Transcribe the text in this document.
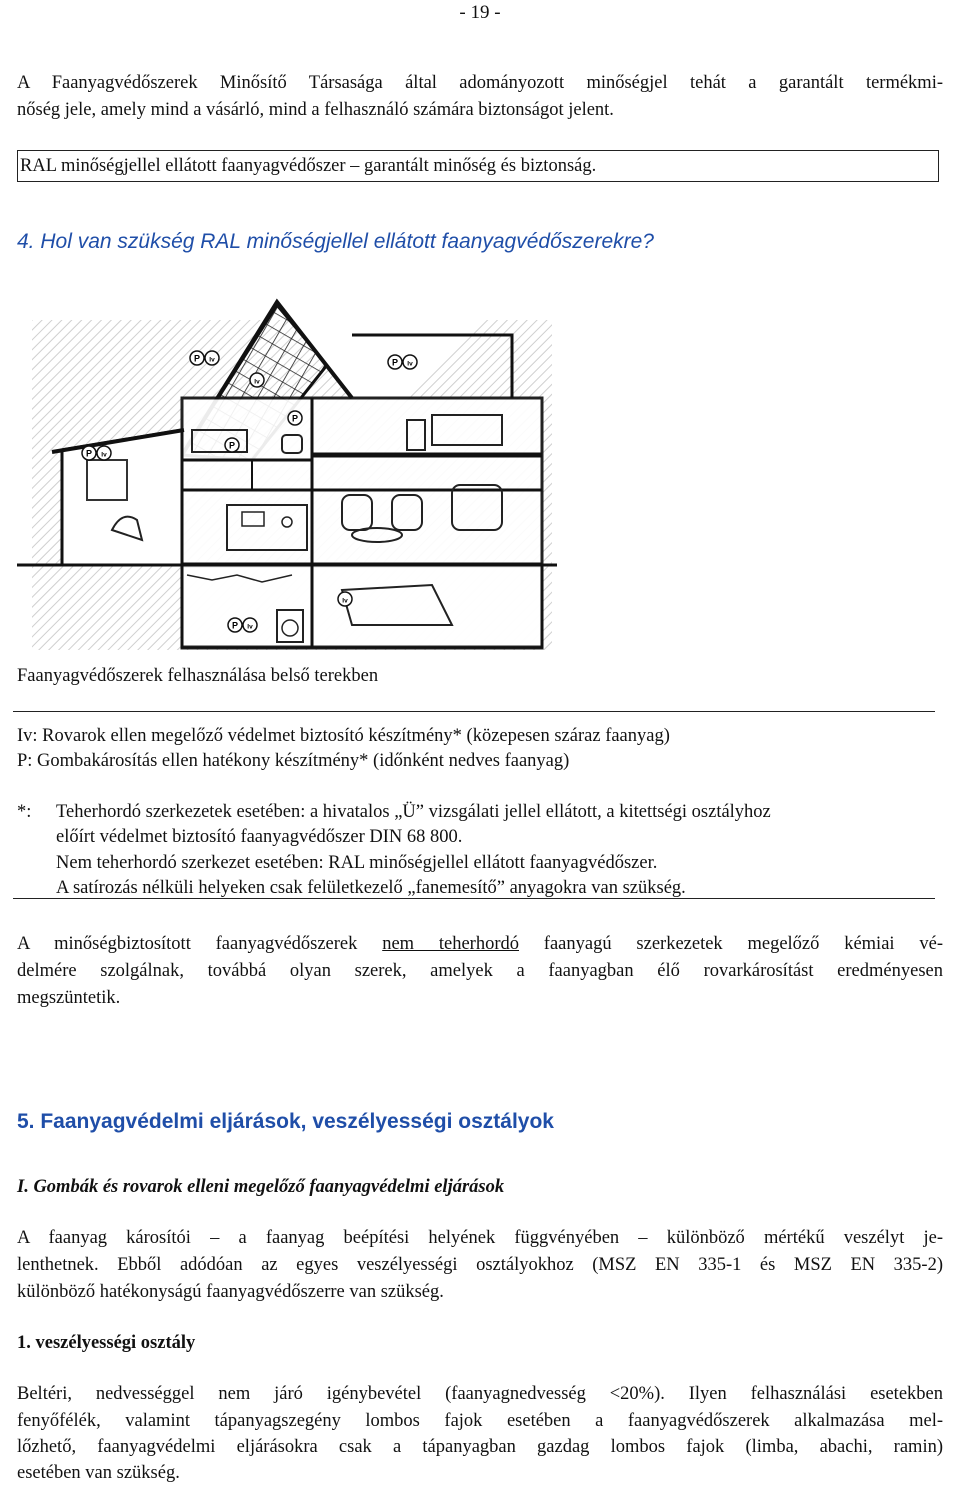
- 19 -
A Faanyagvédőszerek Minősítő Társasága által adományozott minőségjel tehát a garantált termékmi-
nőség jele, amely mind a vásárló, mind a felhasználó számára biztonságot jelent.
RAL minőségjellel ellátott faanyagvédőszer – garantált minőség és biztonság.
4. Hol van szükség RAL minőségjellel ellátott faanyagvédőszerekre?
P Iv
Iv
P Iv
P
P
P Iv
P Iv
Iv
Faanyagvédőszerek felhasználása belső terekben
Iv: Rovarok ellen megelőző védelmet biztosító készítmény* (közepesen száraz faanyag)
P: Gombakárosítás ellen hatékony készítmény* (időnként nedves faanyag)
*: Teherhordó szerkezetek esetében: a hivatalos „Ü” vizsgálati jellel ellátott, a kitettségi osztályhoz
előírt védelmet biztosító faanyagvédőszer DIN 68 800.
Nem teherhordó szerkezet esetében: RAL minőségjellel ellátott faanyagvédőszer.
A satírozás nélküli helyeken csak felületkezelő „fanemesítő” anyagokra van szükség.
A minőségbiztosított faanyagvédőszerek nem teherhordó faanyagú szerkezetek megelőző kémiai vé-
delmére szolgálnak, továbbá olyan szerek, amelyek a faanyagban élő rovarkárosítást eredményesen
megszüntetik.
5. Faanyagvédelmi eljárások, veszélyességi osztályok
I. Gombák és rovarok elleni megelőző faanyagvédelmi eljárások
A faanyag károsítói – a faanyag beépítési helyének függvényében – különböző mértékű veszélyt je-
lenthetnek. Ebből adódóan az egyes veszélyességi osztályokhoz (MSZ EN 335-1 és MSZ EN 335-2)
különböző hatékonyságú faanyagvédőszerre van szükség.
1. veszélyességi osztály
Beltéri, nedvességgel nem járó igénybevétel (faanyagnedvesség <20%). Ilyen felhasználási esetekben
fenyőfélék, valamint tápanyagszegény lombos fajok esetében a faanyagvédőszerek alkalmazása mel-
lőzhető, faanyagvédelmi eljárásokra csak a tápanyagban gazdag lombos fajok (limba, abachi, ramin)
esetében van szükség.
